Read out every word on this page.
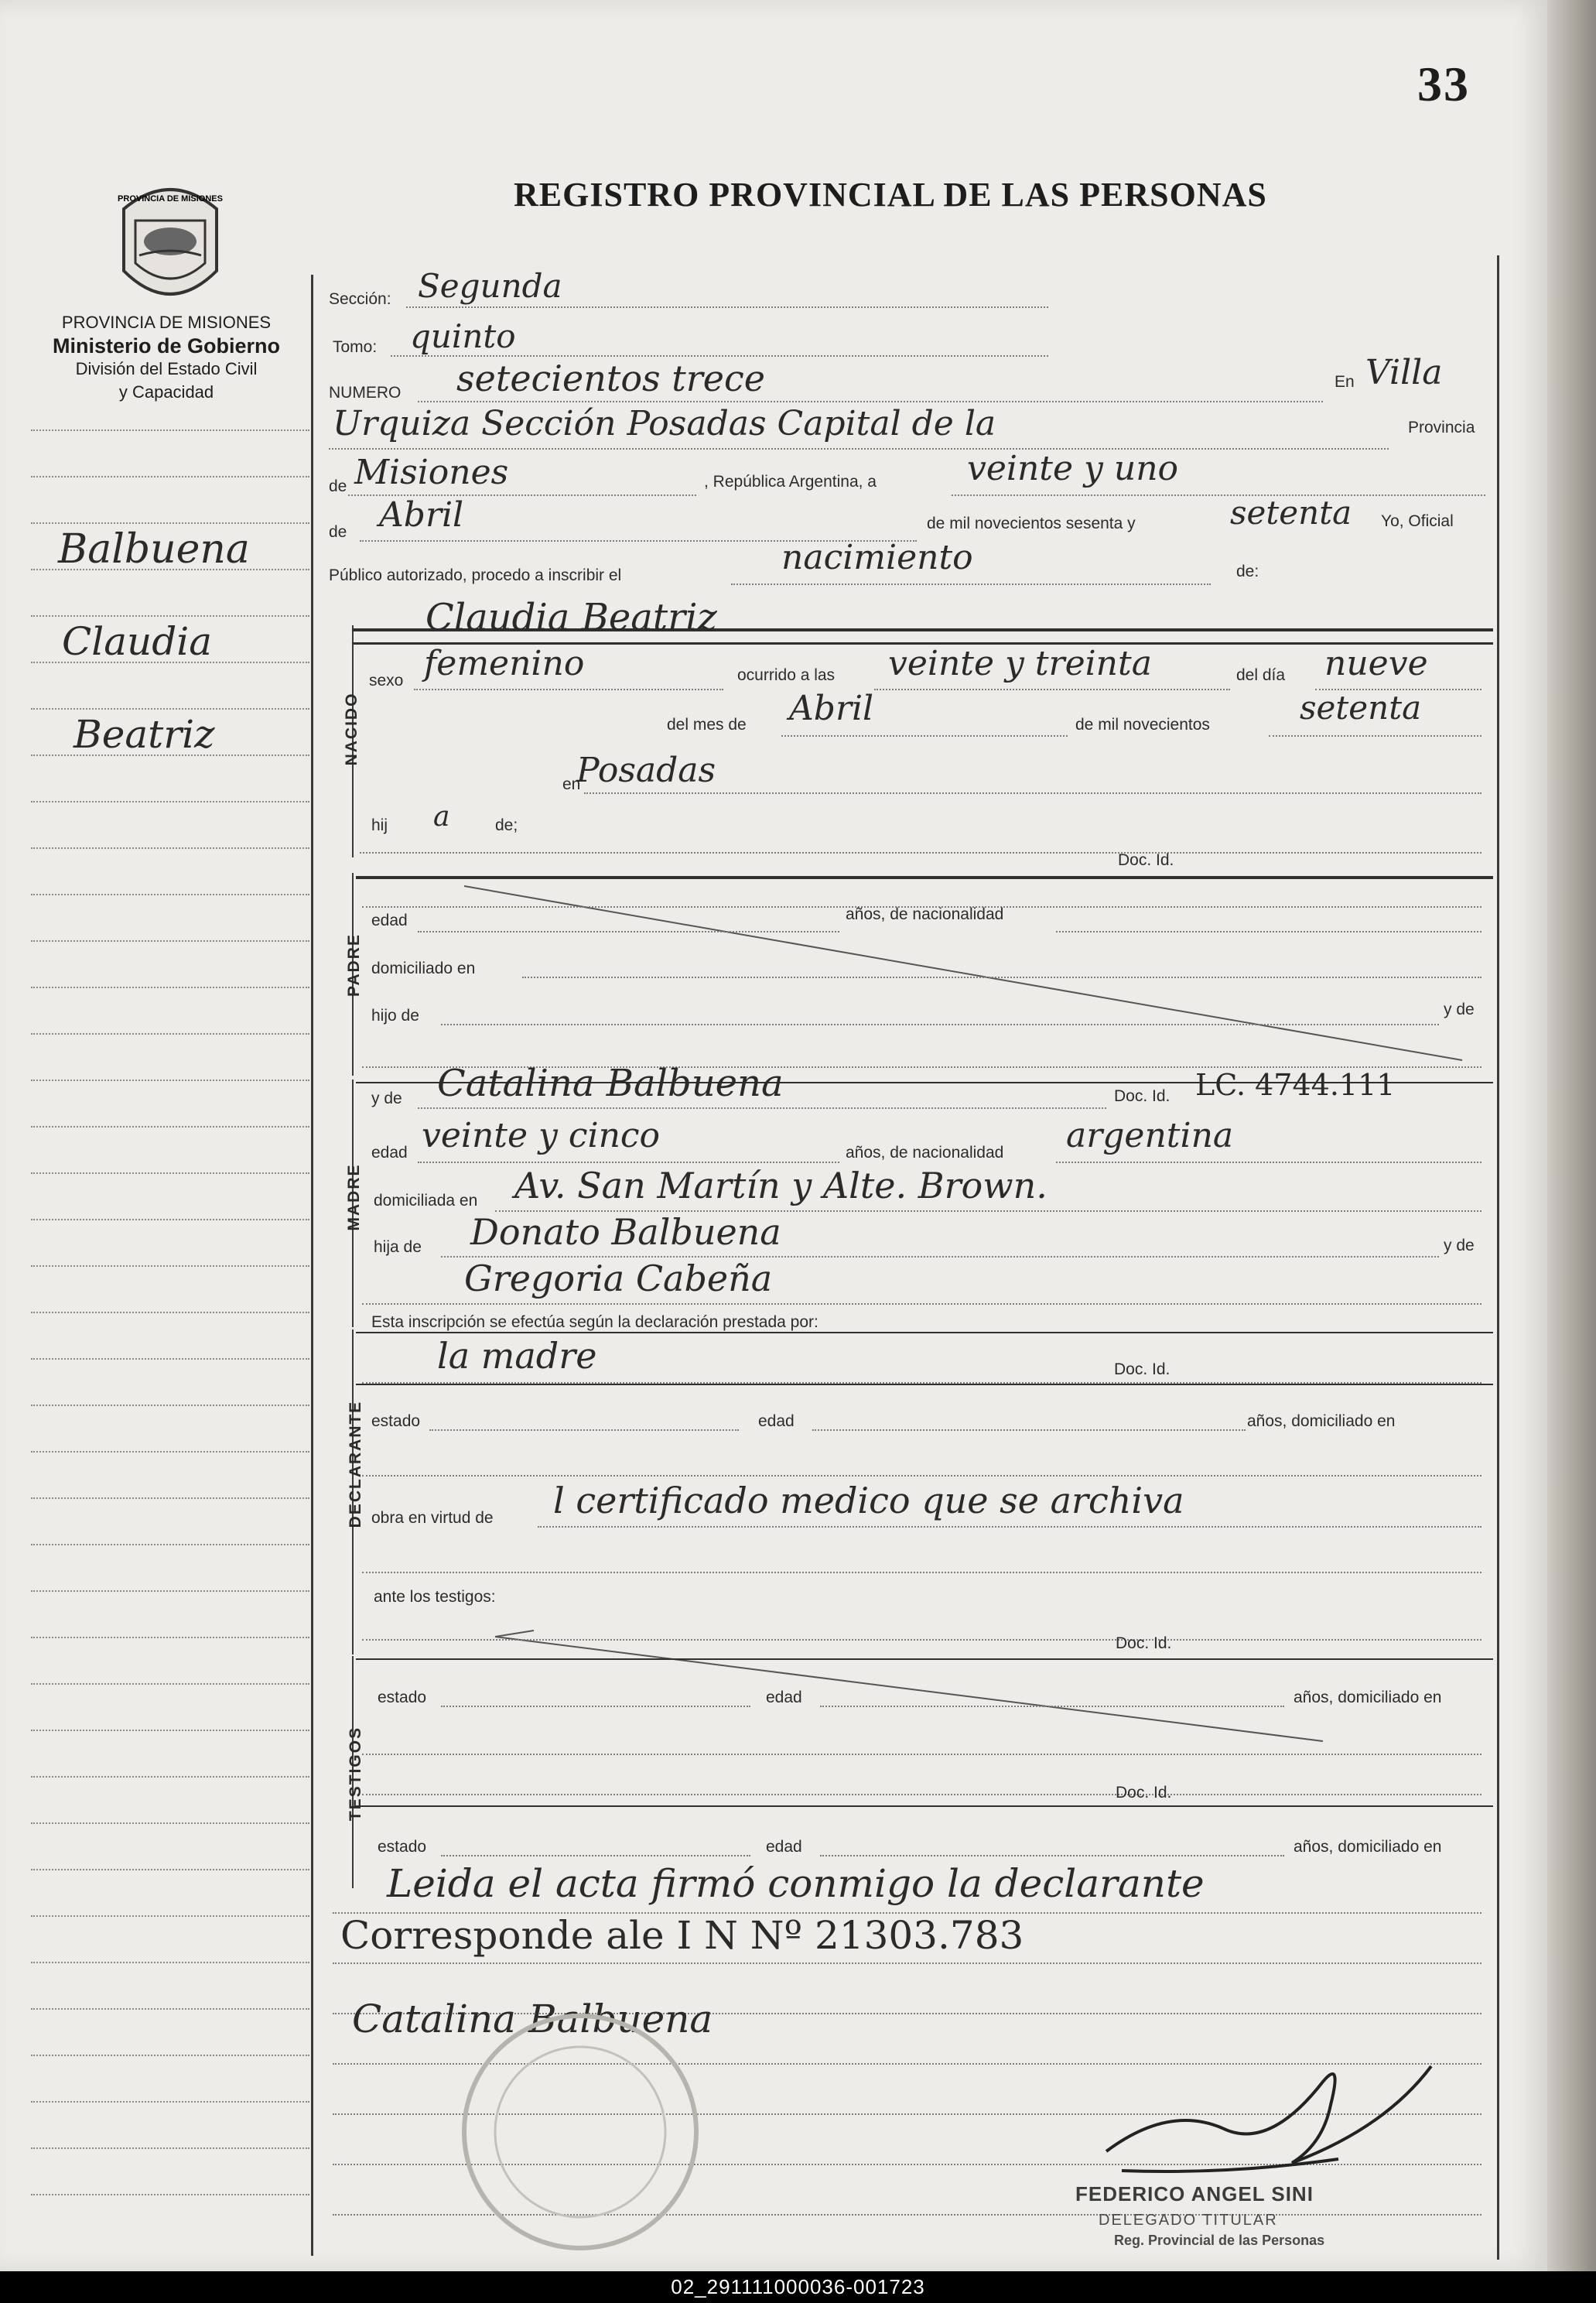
33
REGISTRO PROVINCIAL DE LAS PERSONAS
PROVINCIA DE MISIONES
PROVINCIA DE MISIONES
Ministerio de Gobierno
División del Estado Civil
y Capacidad
Balbuena
Claudia
Beatriz
Sección: Segunda
Tomo: quinto
NUMERO setecientos trece	En Villa
Urquiza Sección Posadas Capital de la	Provincia
de Misiones	, República Argentina, a	veinte y uno
de Abril	de mil novecientos sesenta y	setenta Yo, Oficial
Público autorizado, procedo a inscribir el	nacimiento	de:
NACIDO
Claudia Beatriz
sexo femenino	ocurrido a las veinte y treinta	del día nueve
del mes de Abril	de mil novecientos	setenta
en
Posadas
hij a	de;
Doc. Id.
PADRE
edad	años, de nacionalidad
domiciliado en
hijo de	y de
MADRE
y de Catalina Balbuena	Doc. Id. LC. 4744.111
edad veinte y cinco	años, de nacionalidad argentina
domiciliada en Av. San Martín y Alte. Brown.
hija de Donato Balbuena	y de
Gregoria Cabeña
Esta inscripción se efectúa según la declaración prestada por:
DECLARANTE
la madre	Doc. Id.
estado	edad	años, domiciliado en
obra en virtud de l certificado medico que se archiva
ante los testigos:
Doc. Id.
TESTIGOS
estado	edad	años, domiciliado en
Doc. Id.
estado	edad	años, domiciliado en
Leida el acta firmó conmigo la declarante
Corresponde ale I N Nº 21303.783
Catalina Balbuena
FEDERICO ANGEL SINI
DELEGADO TITULAR
Reg. Provincial de las Personas
02_291111000036-001723
